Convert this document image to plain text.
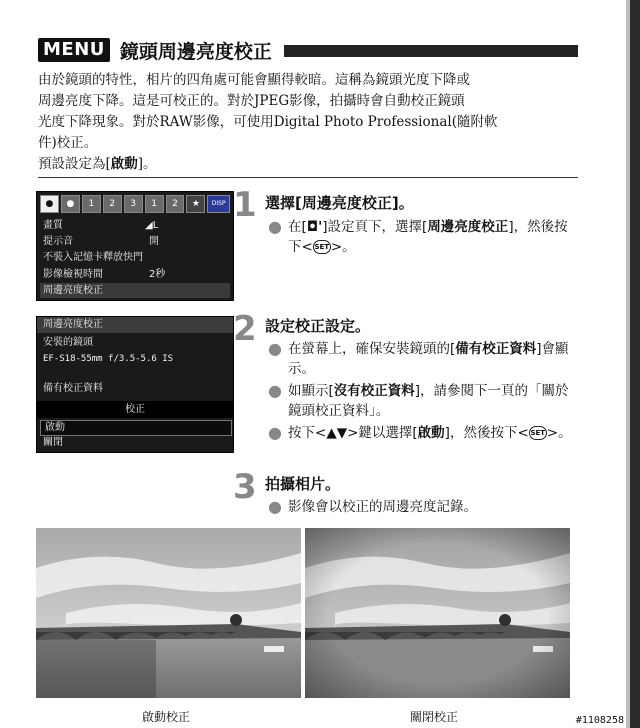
MENU 鏡頭周邊亮度校正

由於鏡頭的特性，相片的四角處可能會顯得較暗。這稱為鏡頭光度下降或

周邊亮度下降。這是可校正的。對於JPEG影像，拍攝時會自動校正鏡頭

光度下降現象。對於RAW影像，可使用Digital Photo Professional(隨附軟

件)校正。

預設設定為[啟動]。

●	●	1	2	3	1	2	★	DISP
畫質	◢L
提示音	開
不裝入記憶卡釋放快門
影像檢視時間	2秒
周邊亮度校正
周邊亮度校正
安裝的鏡頭
EF-S18-55mm f/3.5-5.6 IS
備有校正資料
校正
啟動
關閉
1 選擇[周邊亮度校正]。
● 在[◘']設定頁下，選擇[周邊亮度校正]，然後按下< SET >。
2 設定校正設定。
● 在螢幕上，確保安裝鏡頭的[備有校正資料]會顯示。
● 如顯示[沒有校正資料]，請參閱下一頁的「關於鏡頭校正資料」。
● 按下<▲▼>鍵以選擇[啟動]，然後按下< SET >。
3 拍攝相片。
● 影像會以校正的周邊亮度記錄。
啟動校正	關閉校正	#1108258
